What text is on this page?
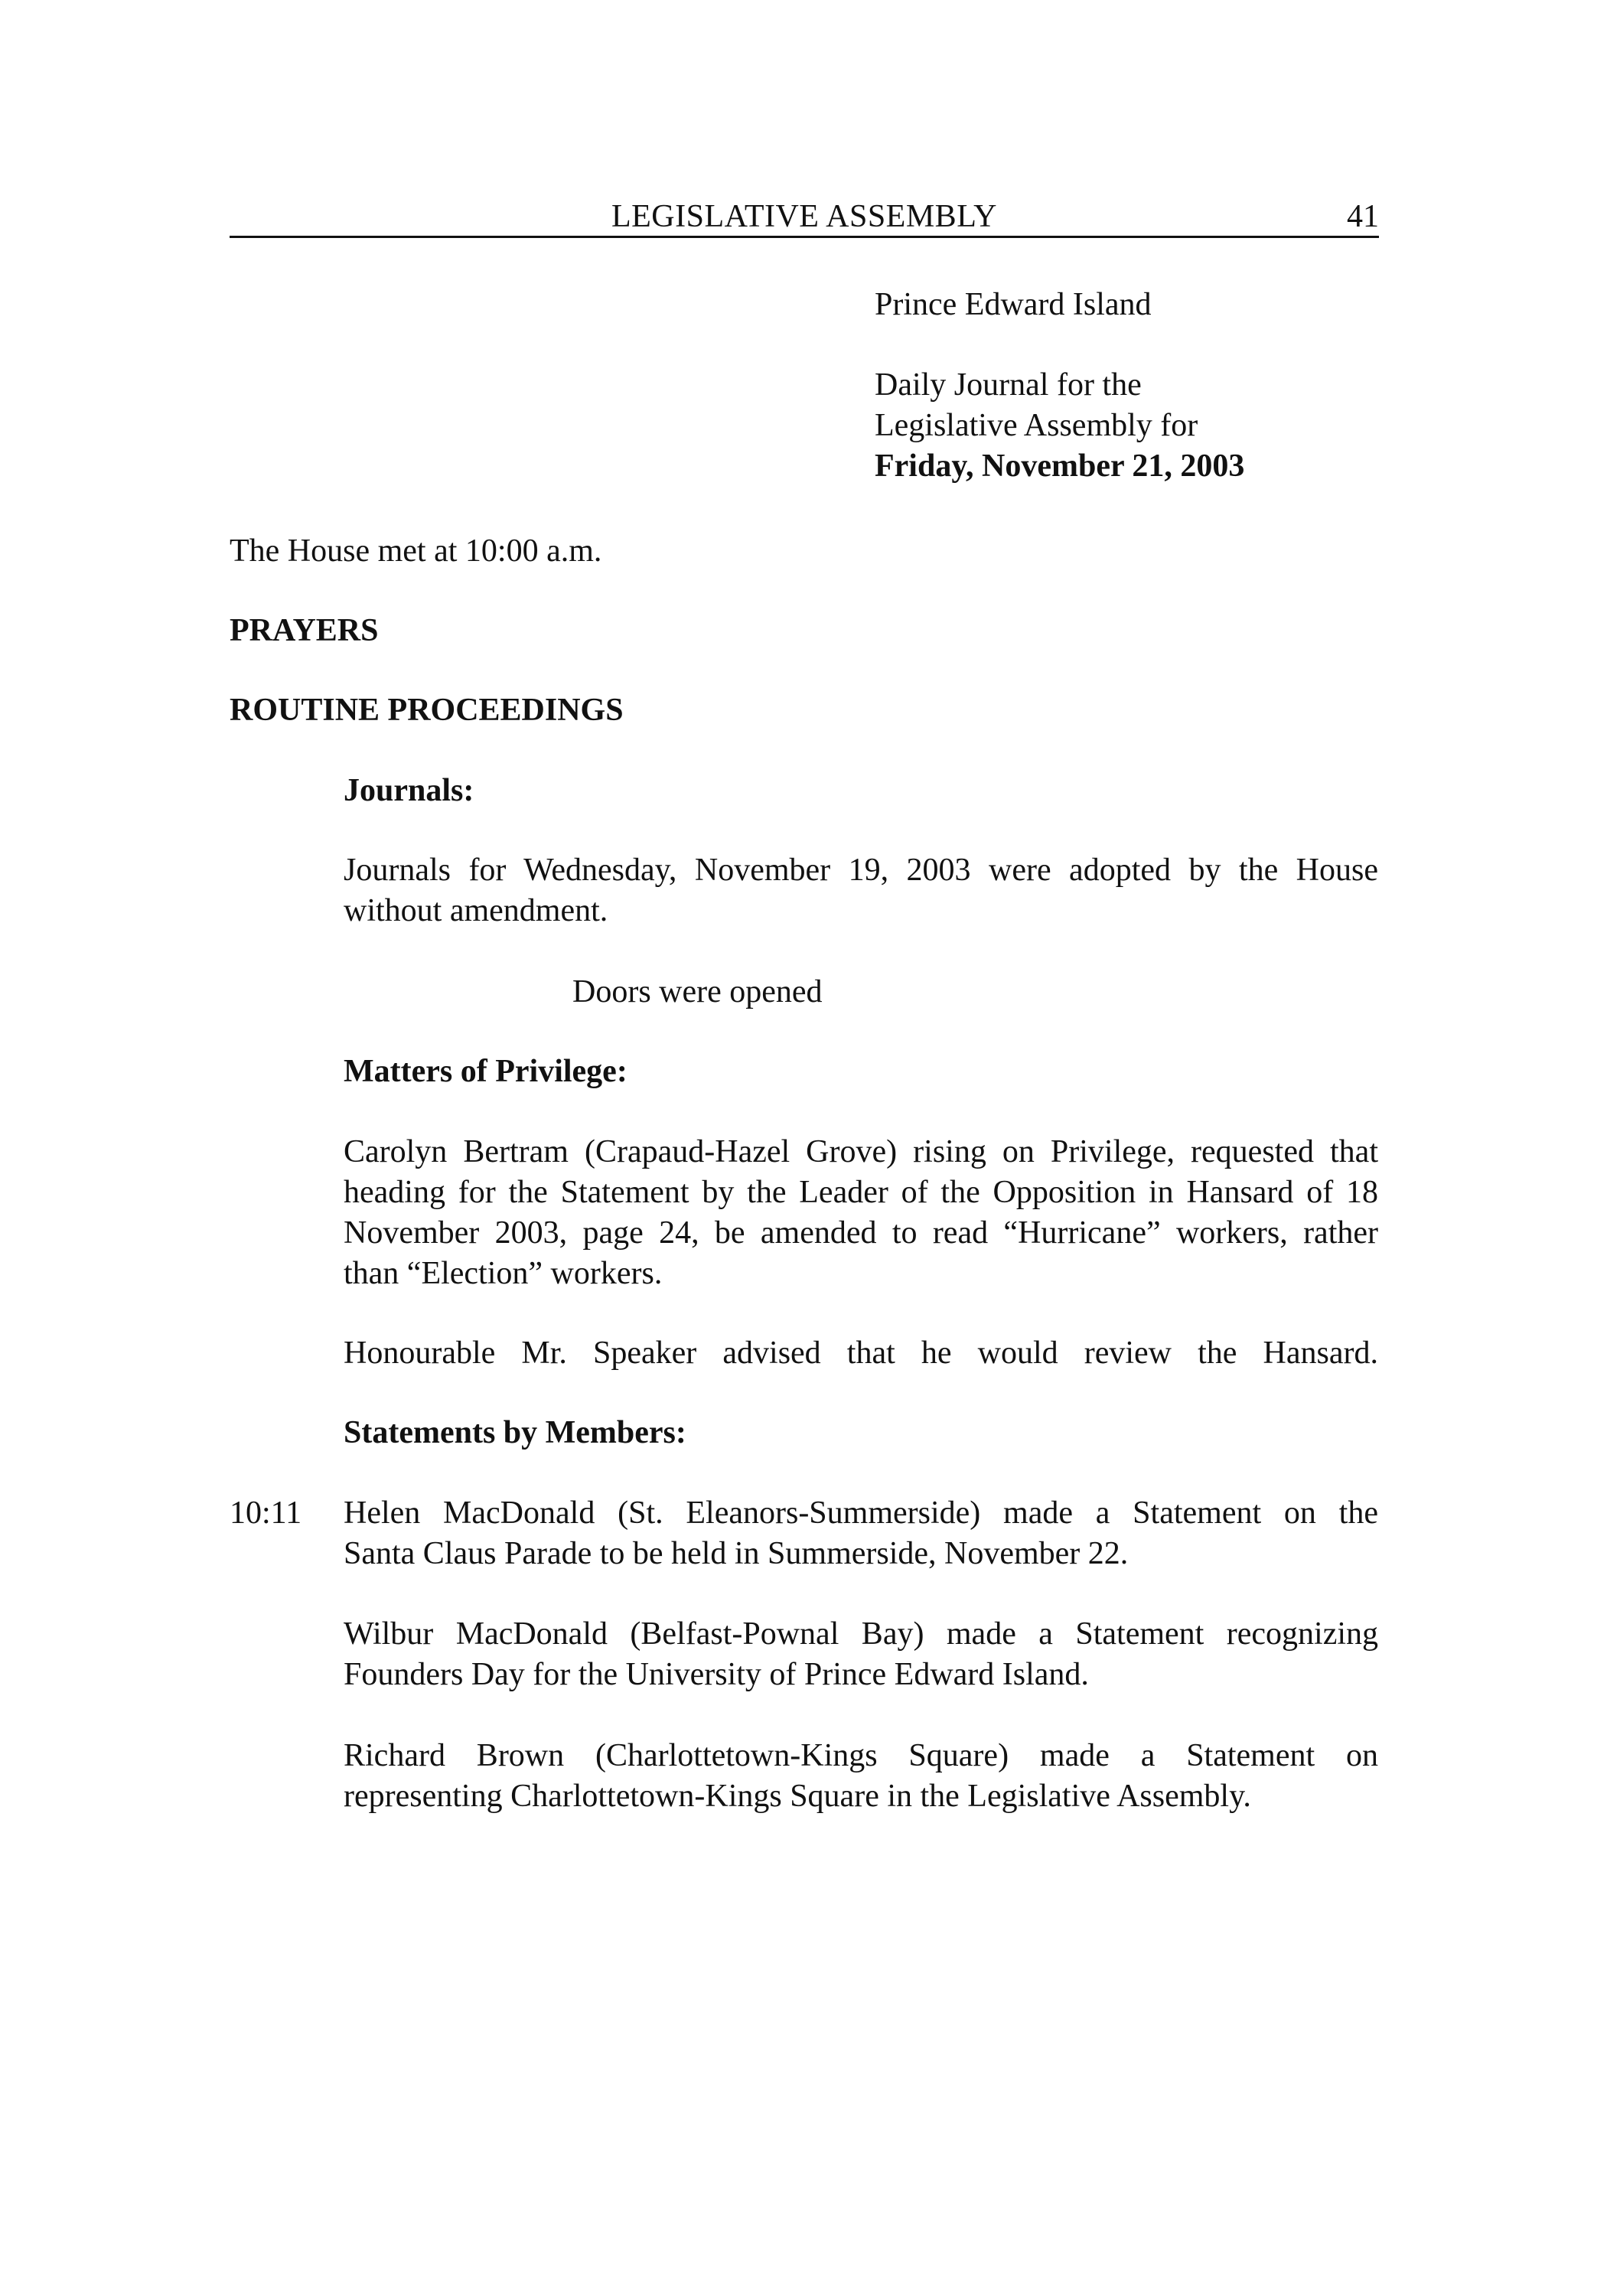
LEGISLATIVE ASSEMBLY	41
Prince Edward Island
Daily Journal for the
Legislative Assembly for
Friday, November 21, 2003
The House met at 10:00 a.m.
PRAYERS
ROUTINE PROCEEDINGS
Journals:
Journals for Wednesday, November 19, 2003 were adopted by the House
without amendment.
Doors were opened
Matters of Privilege:
Carolyn Bertram (Crapaud-Hazel Grove) rising on Privilege, requested that
heading for the Statement by the Leader of the Opposition in Hansard of 18
November 2003, page 24, be amended to read “Hurricane” workers, rather
than “Election” workers.
Honourable Mr. Speaker advised that he would review the Hansard.
Statements by Members:
10:11 Helen MacDonald (St. Eleanors-Summerside) made a Statement on the
Santa Claus Parade to be held in Summerside, November 22.
Wilbur MacDonald (Belfast-Pownal Bay) made a Statement recognizing
Founders Day for the University of Prince Edward Island.
Richard Brown (Charlottetown-Kings Square) made a Statement on
representing Charlottetown-Kings Square in the Legislative Assembly.
